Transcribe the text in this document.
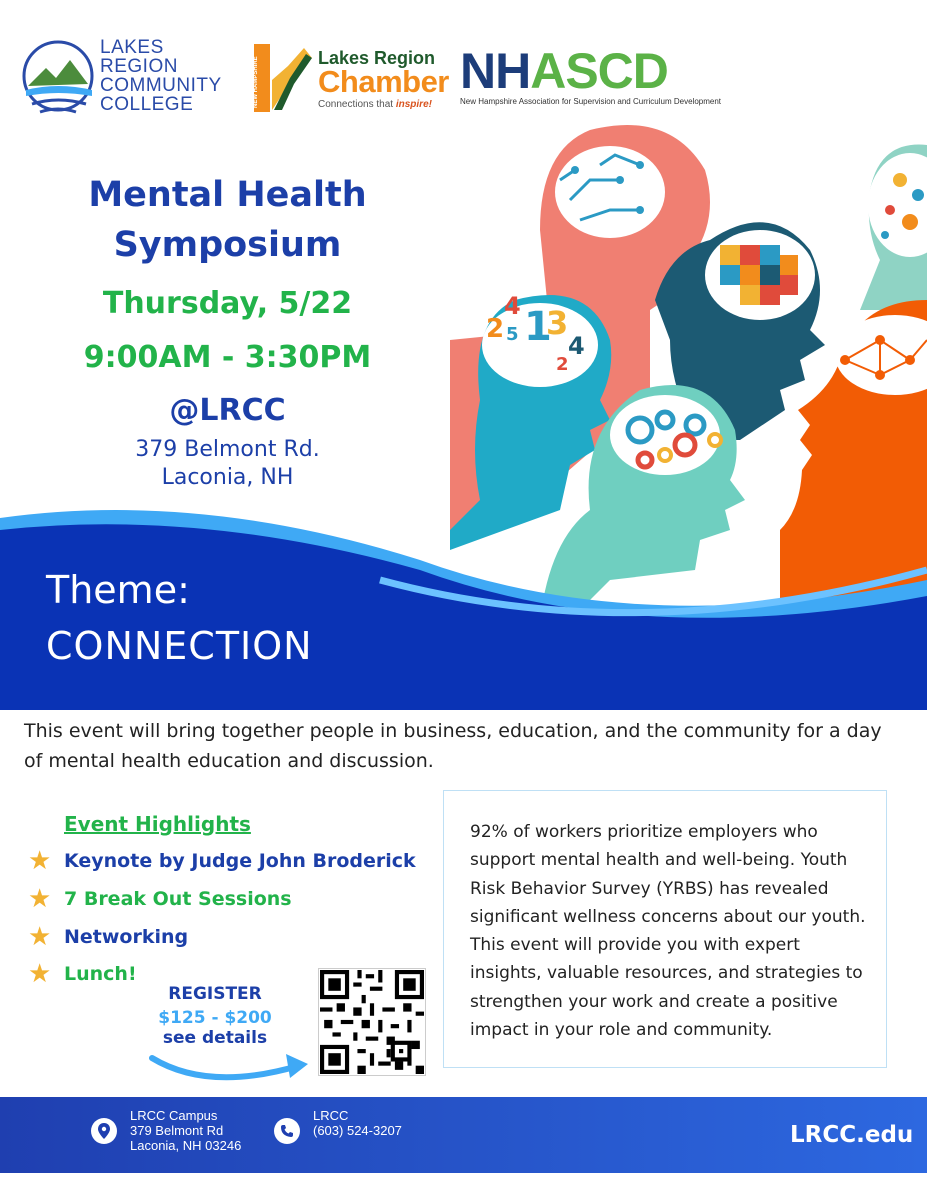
LAKES
REGION
COMMUNITY
COLLEGE	NEW HAMPSHIRE	Lakes Region
Chamber
Connections that inspire!
NHASCD
New Hampshire Association for Supervision and Curriculum Development
2
4
5 1
3
4
2
Mental Health
Symposium
Thursday, 5/22
9:00AM - 3:30PM
@LRCC
379 Belmont Rd.
Laconia, NH
Theme:
CONNECTION
This event will bring together people in business, education, and the community for a day of mental health education and discussion.
Event Highlights
★ Keynote by Judge John Broderick
★ 7 Break Out Sessions
★ Networking
★ Lunch!
REGISTER
$125 - $200
see details
92% of workers prioritize employers who support mental health and well-being. Youth Risk Behavior Survey (YRBS) has revealed significant wellness concerns about our youth. This event will provide you with expert insights, valuable resources, and strategies to strengthen your work and create a positive impact in your role and community.
LRCC Campus
379 Belmont Rd
Laconia, NH 03246
LRCC
(603) 524-3207	LRCC.edu
